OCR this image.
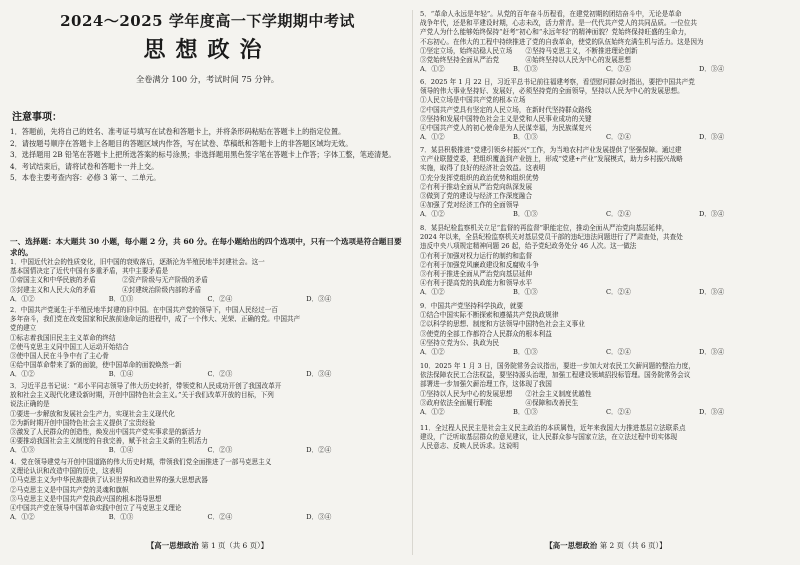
2024～2025 学年度高一下学期期中考试
思想政治
全卷满分 100 分，考试时间 75 分钟。
注意事项：

1．答题前，先将自己的姓名、准考证号填写在试卷和答题卡上，并将条形码粘贴在答题卡上的指定位置。

2．请按题号顺序在答题卡上各题目的答题区域内作答，写在试卷、草稿纸和答题卡上的非答题区域均无效。

3．选择题用 2B 铅笔在答题卡上把所选答案的标号涂黑；非选择题用黑色签字笔在答题卡上作答；字体工整，笔迹清楚。

4．考试结束后，请将试卷和答题卡一并上交。

5．本卷主要考查内容：必修 3 第一、二单元。

一、选择题：本大题共 30 小题，每小题 2 分，共 60 分。在每小题给出的四个选项中，只有一个选项是符合题目要求的。

1．中国近代社会的性质变化，旧中国的衰败落后，逐渐沦为半殖民地半封建社会。这一

基本国情决定了近代中国有多重矛盾，其中主要矛盾是

①帝国主义和中华民族的矛盾　　　　②资产阶级与无产阶级的矛盾

③封建主义和人民大众的矛盾　　　　④封建统治阶级内部的矛盾

A．①②	B．①③	C．②④	D．③④

2．中国共产党诞生于半殖民地半封建的旧中国。在中国共产党的领导下，中国人民经过一百

多年奋斗，我们党在改变国家和民族前途命运的进程中，成了一个伟大、光荣、正确的党。中国共产

党的建立

①标志着我国旧民主主义革命的终结

②使马克思主义同中国工人运动开始结合

③使中国人民在斗争中有了主心骨

④给中国革命带来了新的面貌，使中国革命的面貌焕然一新

A．①②	B．①④	C．②③	D．③④

3．习近平总书记说：“邓小平同志领导了伟大历史转折，带领党和人民成功开创了我国改革开

放和社会主义现代化建设新时期，开创中国特色社会主义。”关于我们改革开放的目标，下列

说法正确的是

①要进一步解放和发展社会生产力，实现社会主义现代化

②为新时期开创中国特色社会主义提供了宝贵经验

③激发了人民群众的创造性，焕发出中国共产党实事求是的新活力

④要推动我国社会主义制度的自我完善，赋予社会主义新的生机活力

A．①③	B．①④	C．②③	D．②④

4．党在领导建党与开创中国道路的伟大历史时期，带领我们党全面推进了一部马克思主义

义理论认识和改造中国的历史，这表明

①马克思主义为中华民族提供了认识世界和改造世界的强大思想武器

②马克思主义是中国共产党的灵魂和旗帜

③马克思主义是中国共产党执政兴国的根本指导思想

④中国共产党在领导中国革命实践中创立了马克思主义理论

A．①②	B．①③	C．②④	D．③④
【高一思想政治 第 1 页（共 6 页）】

5．“革命人永远是年轻”。从党的百年奋斗历程看，在建党初期的团结奋斗中，无论是革命

战争年代，还是和平建设时期，心志未改，活力常青。是一代代共产党人的共同品质。一位位共

产党人为什么能够始终保持“赶考”初心和“永远年轻”的精神面貌？党始终保持旺盛的生命力，

不忘初心。在伟大的工程中持续推进了党的自我革命，使党的队伍始终充满生机与活力。这是因为

①坚定立场，始终站稳人民立场　　②坚持马克思主义，不断推进理论创新

③党始终坚持全面从严治党　　　　④始终坚持以人民为中心的发展思想

A．①②	B．①③	C．②④	D．③④

6．2025 年 1 月 22 日，习近平总书记前往福建考察，看望慰问群众时指出，要把中国共产党

领导的伟大事业坚持好、发展好，必须坚持党的全面领导，坚持以人民为中心的发展思想。

①人民立场是中国共产党的根本立场

②中国共产党具有坚定的人民立场，在新时代坚持群众路线

③坚持和发展中国特色社会主义是党和人民事业成功的关键

④中国共产党人的初心使命是为人民谋幸福，为民族谋复兴

A．①②	B．①③	C．②④	D．③④

7．某县积极推进“党建引领乡村振兴”工作，为当地农村产业发展提供了坚强保障。通过建

立产业联盟党委，把组织覆盖到产业链上，形成“党建+产业”发展模式，助力乡村振兴战略

实施，取得了良好的经济社会效益。这表明

①充分发挥党组织的政治优势和组织优势

②有利于推动全面从严治党向纵深发展

③做到了党的建设与经济工作深度融合

④加强了党对经济工作的全面领导

A．①②	B．①③	C．②④	D．③④

8．某县纪检监察机关立足“监督的再监督”职能定位，推动全面从严治党向基层延伸，

2024 年以来，全县纪检监察机关对基层党员干部的违纪违法问题进行了严肃查处，共查处

违反中央八项规定精神问题 26 起，给予党纪政务处分 46 人次。这一做法

①有利于加强对权力运行的制约和监督

②有利于加强党风廉政建设和反腐败斗争

③有利于推进全面从严治党向基层延伸

④有利于提高党的执政能力和领导水平

A．①②	B．①③	C．②④	D．③④

9．中国共产党坚持科学执政，就要

①结合中国实际不断探索和遵循共产党执政规律

②以科学的思想、制度和方法领导中国特色社会主义事业

③使党的全部工作都符合人民群众的根本利益

④坚持立党为公、执政为民

A．①②	B．①③	C．②④	D．③④

10．2025 年 1 月 3 日，国务院常务会议指出，要进一步加大对农民工欠薪问题的整治力度，

依法保障农民工合法权益，要坚持源头治理，加强工程建设领域招投标管理。国务院常务会议

部署进一步加强欠薪治理工作，这体现了我国

①坚持以人民为中心的发展思想　　②社会主义制度优越性

③政府依法全面履行职能　　　　　④保障和改善民生

A．①②	B．①③	C．②④	D．③④

11．全过程人民民主是社会主义民主政治的本质属性，近年来我国大力推进基层立法联系点

建设，广泛听取基层群众的意见建议，让人民群众参与国家立法，在立法过程中切实体现

人民意志、反映人民诉求。这说明

【高一思想政治 第 2 页（共 6 页）】
